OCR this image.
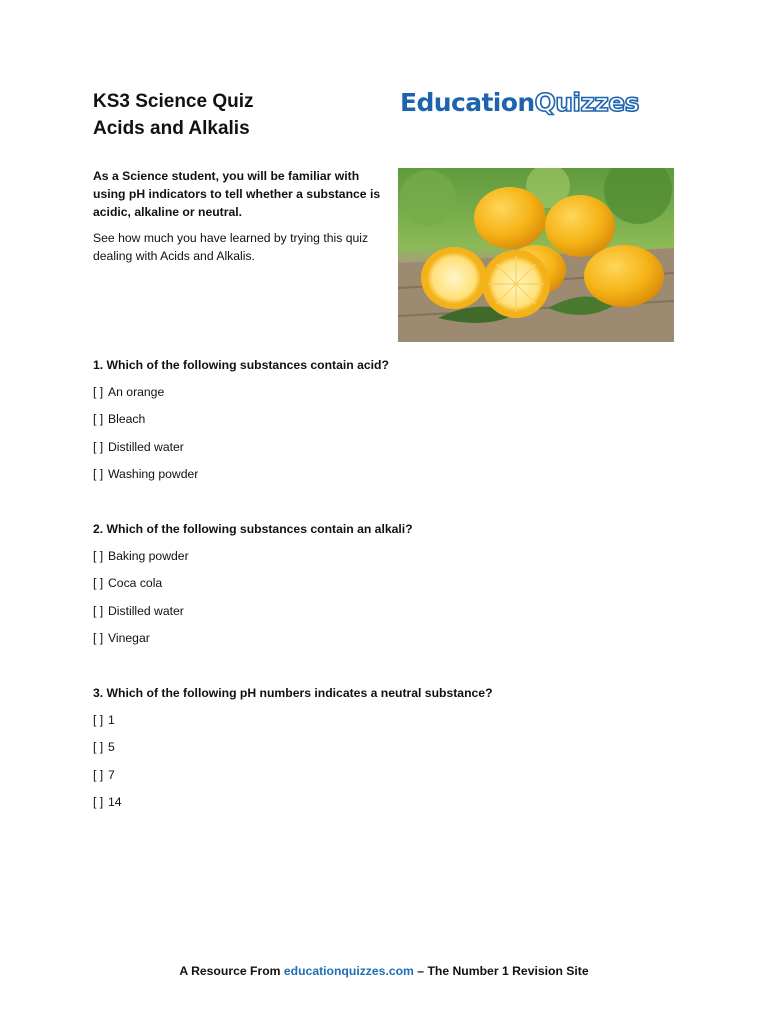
KS3 Science Quiz
Acids and Alkalis
EducationQuizzes

As a Science student, you will be familiar with using pH indicators to tell whether a substance is acidic, alkaline or neutral.

See how much you have learned by trying this quiz dealing with Acids and Alkalis.

1. Which of the following substances contain acid?

[ ] An orange
[ ] Bleach
[ ] Distilled water
[ ] Washing powder

2. Which of the following substances contain an alkali?

[ ] Baking powder
[ ] Coca cola
[ ] Distilled water
[ ] Vinegar

3. Which of the following pH numbers indicates a neutral substance?

[ ] 1
[ ] 5
[ ] 7
[ ] 14
A Resource From educationquizzes.com – The Number 1 Revision Site
